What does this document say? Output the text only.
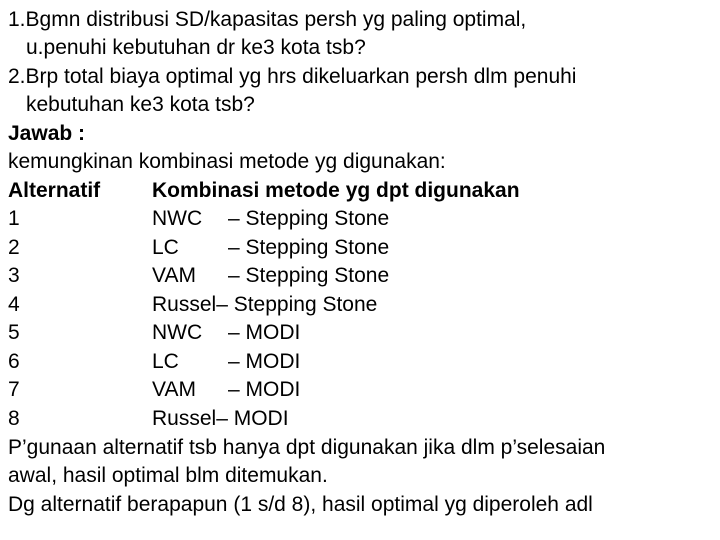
1.Bgmn distribusi SD/kapasitas persh yg paling optimal,
u.penuhi kebutuhan dr ke3 kota tsb?
2.Brp total biaya optimal yg hrs dikeluarkan persh dlm penuhi
kebutuhan ke3 kota tsb?
Jawab :
kemungkinan kombinasi metode yg digunakan:
Alternatif Kombinasi metode yg dpt digunakan
1	NWC – Stepping Stone
2	LC – Stepping Stone
3	VAM – Stepping Stone
4	Russel– Stepping Stone
5	NWC – MODI
6	LC – MODI
7	VAM – MODI
8	Russel– MODI
P’gunaan alternatif tsb hanya dpt digunakan jika dlm p’selesaian
awal, hasil optimal blm ditemukan.
Dg alternatif berapapun (1 s/d 8), hasil optimal yg diperoleh adl
